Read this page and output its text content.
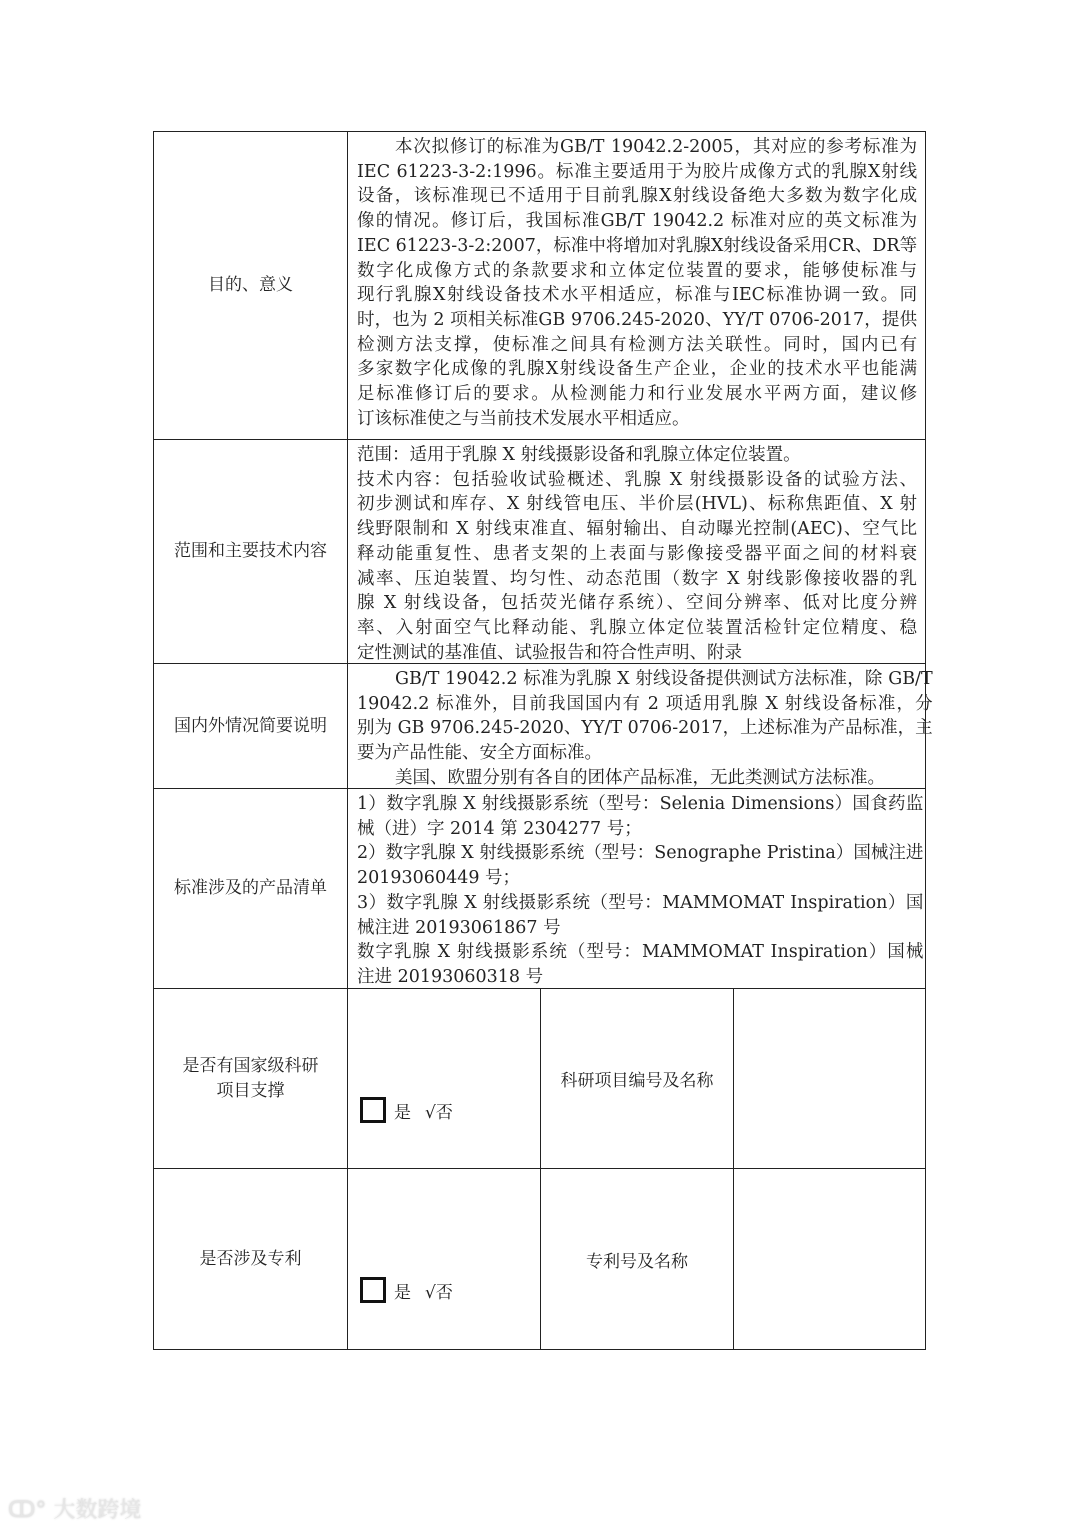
目的、意义
本次拟修订的标准为GB/T 19042.2-2005，其对应的参考标准为
IEC 61223-3-2:1996。标准主要适用于为胶片成像方式的乳腺X射线
设备，该标准现已不适用于目前乳腺X射线设备绝大多数为数字化成
像的情况。修订后，我国标准GB/T 19042.2 标准对应的英文标准为
IEC 61223-3-2:2007，标准中将增加对乳腺X射线设备采用CR、DR等
数字化成像方式的条款要求和立体定位装置的要求，能够使标准与
现行乳腺X射线设备技术水平相适应，标准与IEC标准协调一致。同
时，也为 2 项相关标准GB 9706.245-2020、YY/T 0706-2017，提供
检测方法支撑，使标准之间具有检测方法关联性。同时，国内已有
多家数字化成像的乳腺X射线设备生产企业，企业的技术水平也能满
足标准修订后的要求。从检测能力和行业发展水平两方面，建议修
订该标准使之与当前技术发展水平相适应。
范围和主要技术内容
范围：适用于乳腺 X 射线摄影设备和乳腺立体定位装置。
技术内容：包括验收试验概述、乳腺 X 射线摄影设备的试验方法、
初步测试和库存、X 射线管电压、半价层(HVL)、标称焦距值、X 射
线野限制和 X 射线束准直、辐射输出、自动曝光控制(AEC)、空气比
释动能重复性、患者支架的上表面与影像接受器平面之间的材料衰
减率、压迫装置、均匀性、动态范围（数字 X 射线影像接收器的乳
腺 X 射线设备，包括荧光储存系统）、空间分辨率、低对比度分辨
率、入射面空气比释动能、乳腺立体定位装置活检针定位精度、稳
定性测试的基准值、试验报告和符合性声明、附录
国内外情况简要说明
GB/T 19042.2 标准为乳腺 X 射线设备提供测试方法标准，除 GB/T
19042.2 标准外，目前我国国内有 2 项适用乳腺 X 射线设备标准，分
别为 GB 9706.245-2020、YY/T 0706-2017，上述标准为产品标准，主
要为产品性能、安全方面标准。
美国、欧盟分别有各自的团体产品标准，无此类测试方法标准。
标准涉及的产品清单
1）数字乳腺 X 射线摄影系统（型号：Selenia Dimensions）国食药监
械（进）字 2014 第 2304277 号；
2）数字乳腺 X 射线摄影系统（型号：Senographe Pristina）国械注进
20193060449 号；
3）数字乳腺 X 射线摄影系统（型号：MAMMOMAT Inspiration）国
械注进 20193061867 号
数字乳腺 X 射线摄影系统（型号：MAMMOMAT Inspiration）国械
注进 20193060318 号
是否有国家级科研项目支撑
是 √否
科研项目编号及名称
是否涉及专利
是 √否
专利号及名称
ↀ° 大数跨境
